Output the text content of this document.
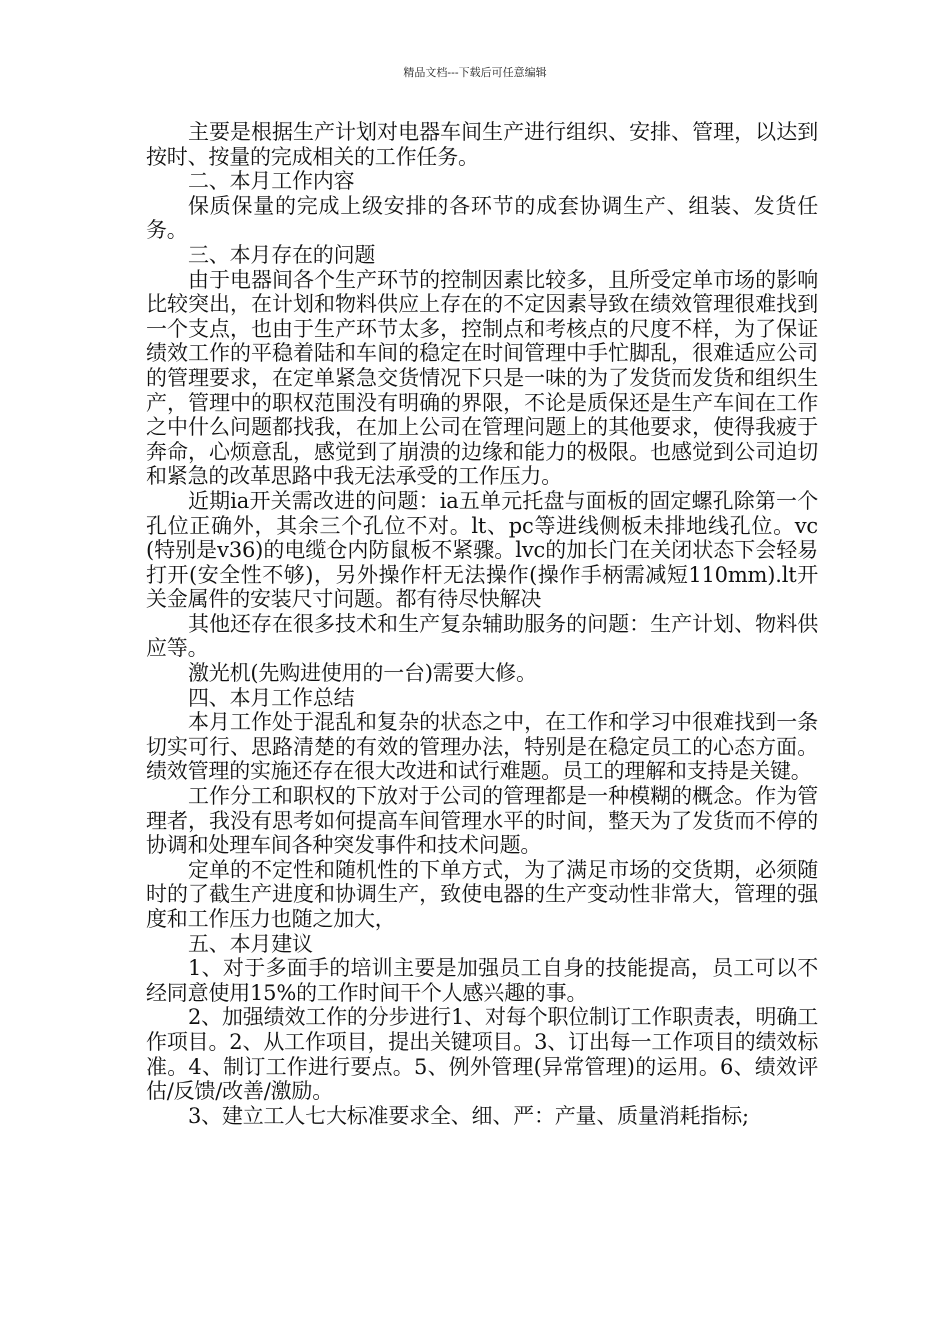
精品文档---下载后可任意编辑

主要是根据生产计划对电器车间生产进行组织、安排、管理，以达到按时、按量的完成相关的工作任务。

二、本月工作内容

保质保量的完成上级安排的各环节的成套协调生产、组装、发货任务。

三、本月存在的问题

由于电器间各个生产环节的控制因素比较多，且所受定单市场的影响比较突出，在计划和物料供应上存在的不定因素导致在绩效管理很难找到一个支点，也由于生产环节太多，控制点和考核点的尺度不样，为了保证绩效工作的平稳着陆和车间的稳定在时间管理中手忙脚乱，很难适应公司的管理要求，在定单紧急交货情况下只是一味的为了发货而发货和组织生产，管理中的职权范围没有明确的界限，不论是质保还是生产车间在工作之中什么问题都找我，在加上公司在管理问题上的其他要求，使得我疲于奔命，心烦意乱，感觉到了崩溃的边缘和能力的极限。也感觉到公司迫切和紧急的改革思路中我无法承受的工作压力。

近期ia开关需改进的问题：ia五单元托盘与面板的固定螺孔除第一个孔位正确外，其余三个孔位不对。lt、pc等进线侧板未排地线孔位。vc(特别是v36)的电缆仓内防鼠板不紧骤。lvc的加长门在关闭状态下会轻易打开(安全性不够)，另外操作杆无法操作(操作手柄需减短110mm).lt开关金属件的安装尺寸问题。都有待尽快解决

其他还存在很多技术和生产复杂辅助服务的问题：生产计划、物料供应等。

激光机(先购进使用的一台)需要大修。

四、本月工作总结

本月工作处于混乱和复杂的状态之中，在工作和学习中很难找到一条切实可行、思路清楚的有效的管理办法，特别是在稳定员工的心态方面。绩效管理的实施还存在很大改进和试行难题。员工的理解和支持是关键。

工作分工和职权的下放对于公司的管理都是一种模糊的概念。作为管理者，我没有思考如何提高车间管理水平的时间，整天为了发货而不停的协调和处理车间各种突发事件和技术问题。

定单的不定性和随机性的下单方式，为了满足市场的交货期，必须随时的了截生产进度和协调生产，致使电器的生产变动性非常大，管理的强度和工作压力也随之加大，

五、本月建议

1、对于多面手的培训主要是加强员工自身的技能提高，员工可以不经同意使用15%的工作时间干个人感兴趣的事。

2、加强绩效工作的分步进行1、对每个职位制订工作职责表，明确工作项目。2、从工作项目，提出关键项目。3、订出每一工作项目的绩效标准。4、制订工作进行要点。5、例外管理(异常管理)的运用。6、绩效评估/反馈/改善/激励。

3、建立工人七大标准要求全、细、严：产量、质量消耗指标;
